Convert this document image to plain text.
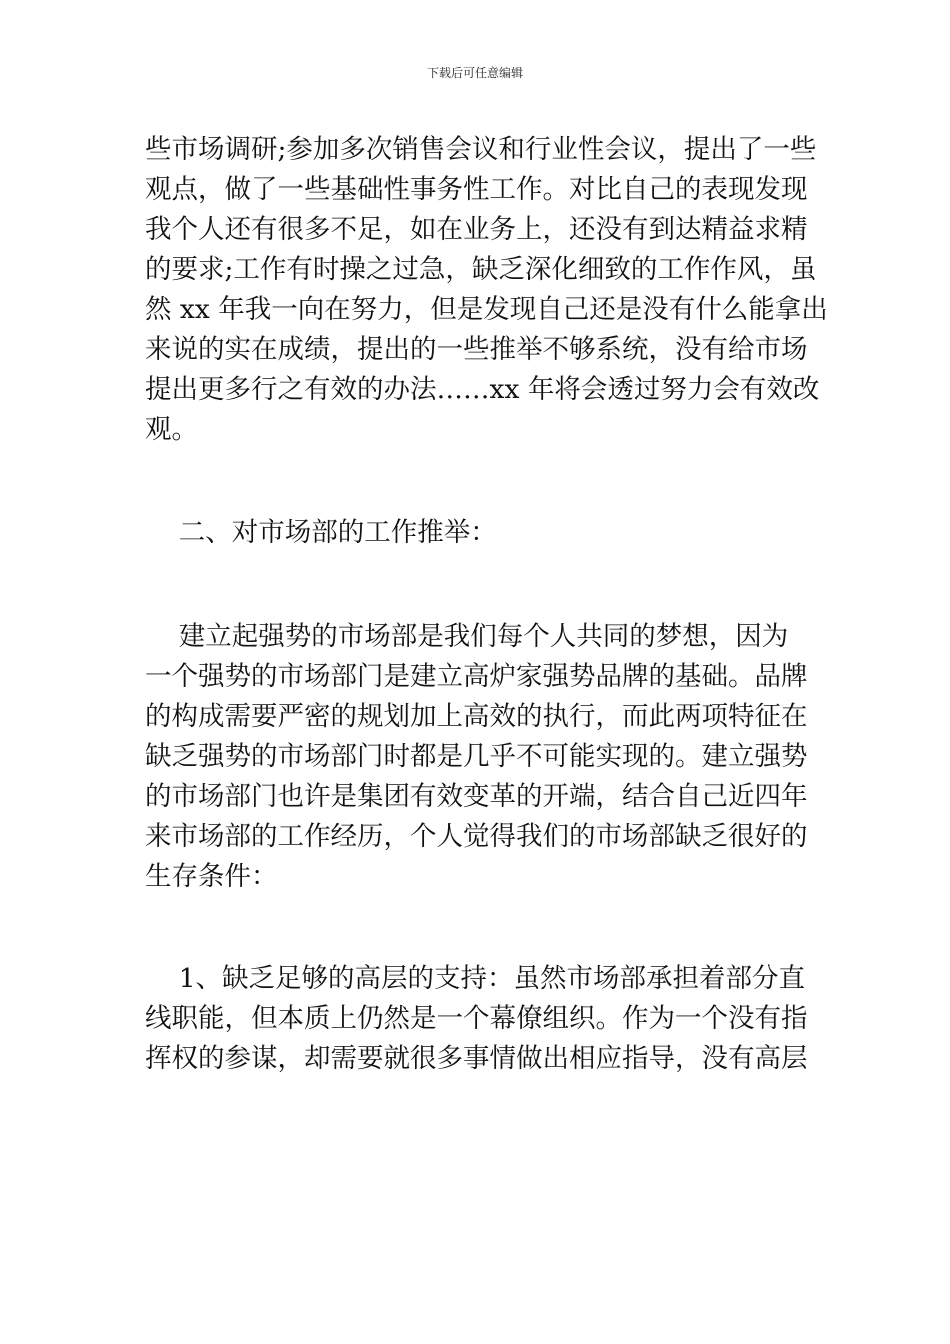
下载后可任意编辑

些市场调研;参加多次销售会议和行业性会议，提出了一些

观点，做了一些基础性事务性工作。对比自己的表现发现

我个人还有很多不足，如在业务上，还没有到达精益求精

的要求;工作有时操之过急，缺乏深化细致的工作作风，虽

然 xx 年我一向在努力，但是发现自己还是没有什么能拿出

来说的实在成绩，提出的一些推举不够系统，没有给市场

提出更多行之有效的办法……xx 年将会透过努力会有效改

观。

二、对市场部的工作推举：

建立起强势的市场部是我们每个人共同的梦想，因为

一个强势的市场部门是建立高炉家强势品牌的基础。品牌

的构成需要严密的规划加上高效的执行，而此两项特征在

缺乏强势的市场部门时都是几乎不可能实现的。建立强势

的市场部门也许是集团有效变革的开端，结合自己近四年

来市场部的工作经历，个人觉得我们的市场部缺乏很好的

生存条件：

1、缺乏足够的高层的支持：虽然市场部承担着部分直

线职能，但本质上仍然是一个幕僚组织。作为一个没有指

挥权的参谋，却需要就很多事情做出相应指导，没有高层
